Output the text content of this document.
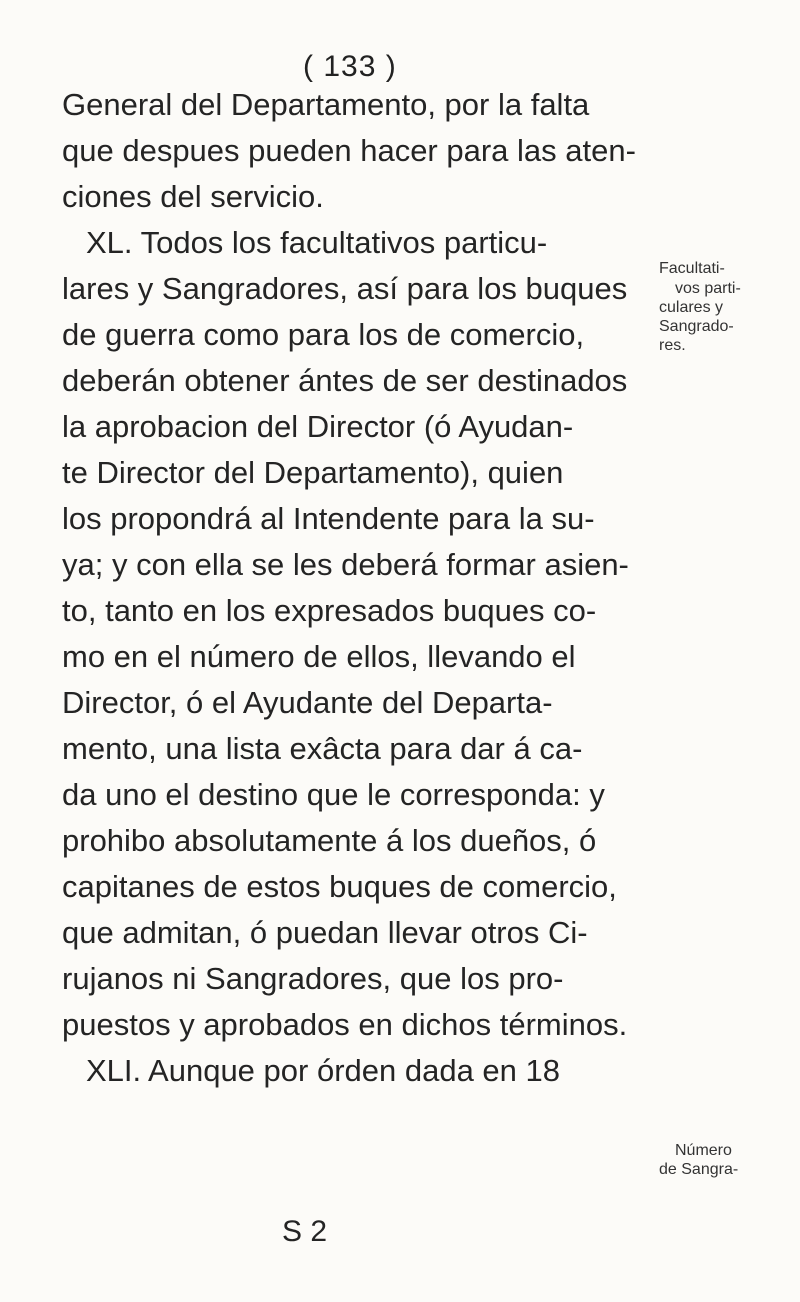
( 133 )
General del Departamento, por la falta
que despues pueden hacer para las aten-
ciones del servicio.
XL. Todos los facultativos particu-
lares y Sangradores, así para los buques
de guerra como para los de comercio,
deberán obtener ántes de ser destinados
la aprobacion del Director (ó Ayudan-
te Director del Departamento), quien
los propondrá al Intendente para la su-
ya; y con ella se les deberá formar asien-
to, tanto en los expresados buques co-
mo en el número de ellos, llevando el
Director, ó el Ayudante del Departa-
mento, una lista exâcta para dar á ca-
da uno el destino que le corresponda: y
prohibo absolutamente á los dueños, ó
capitanes de estos buques de comercio,
que admitan, ó puedan llevar otros Ci-
rujanos ni Sangradores, que los pro-
puestos y aprobados en dichos términos.
XLI. Aunque por órden dada en 18
Facultati-
vos parti-
culares y
Sangrado-
res.
Número
de Sangra-
S 2
